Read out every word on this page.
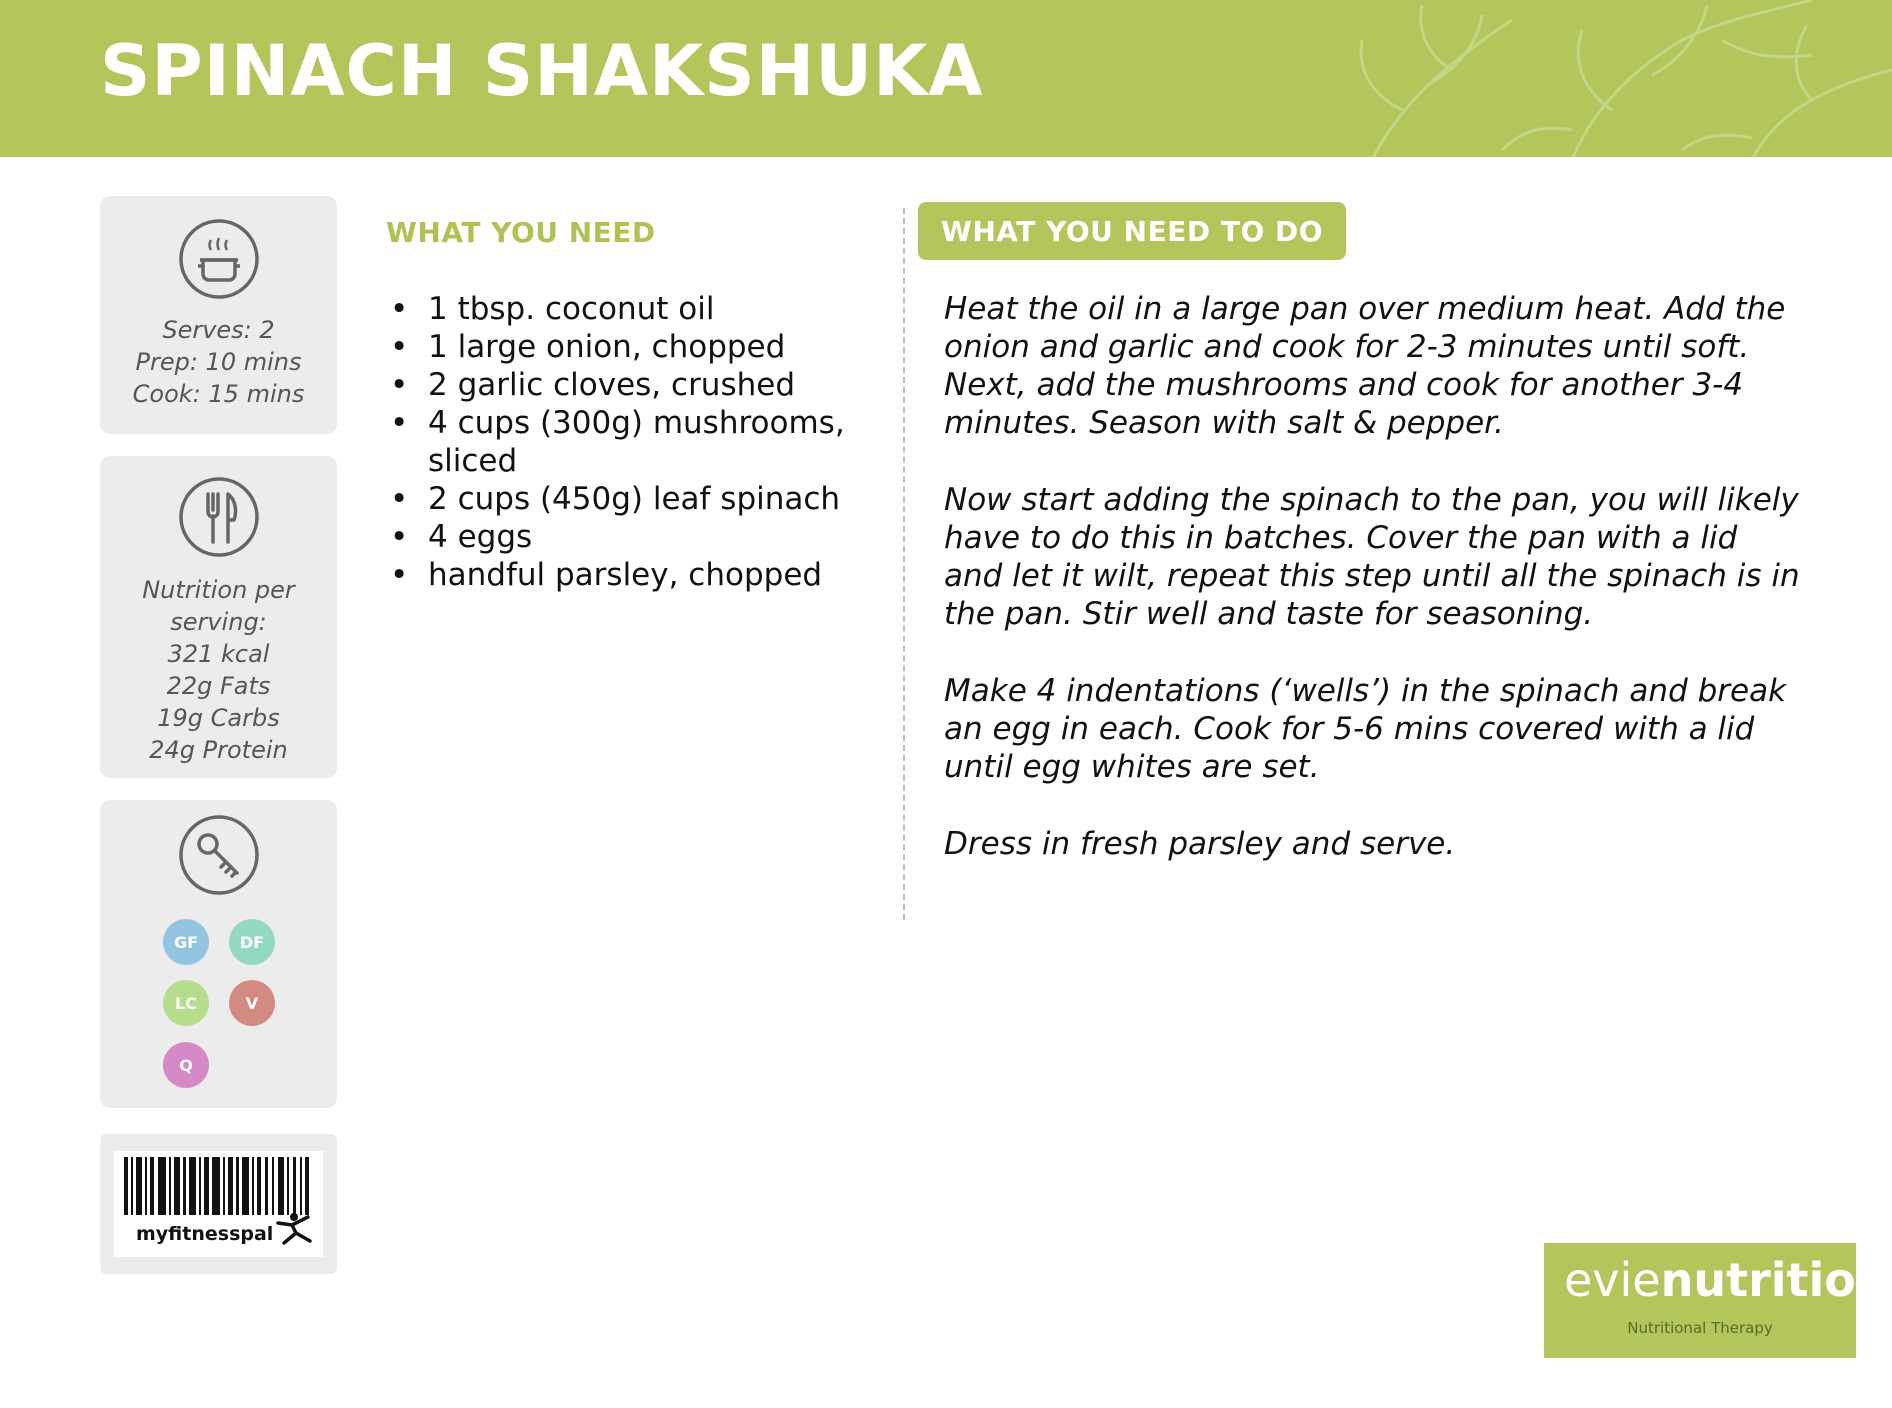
SPINACH SHAKSHUKA
Serves: 2
Prep: 10 mins
Cook: 15 mins
Nutrition per
serving:
321 kcal
22g Fats
19g Carbs
24g Protein
GF	DF
LC	V
Q
myfitnesspal
WHAT YOU NEED
• 1 tbsp. coconut oil
• 1 large onion, chopped
• 2 garlic cloves, crushed
• 4 cups (300g) mushrooms, sliced
• 2 cups (450g) leaf spinach
• 4 eggs
• handful parsley, chopped
WHAT YOU NEED TO DO

Heat the oil in a large pan over medium heat. Add the onion and garlic and cook for 2-3 minutes until soft. Next, add the mushrooms and cook for another 3-4 minutes. Season with salt & pepper.

Now start adding the spinach to the pan, you will likely have to do this in batches. Cover the pan with a lid and let it wilt, repeat this step until all the spinach is in the pan. Stir well and taste for seasoning.

Make 4 indentations (‘wells’) in the spinach and break an egg in each. Cook for 5-6 mins covered with a lid until egg whites are set.

Dress in fresh parsley and serve.

evienutrition
Nutritional Therapy
